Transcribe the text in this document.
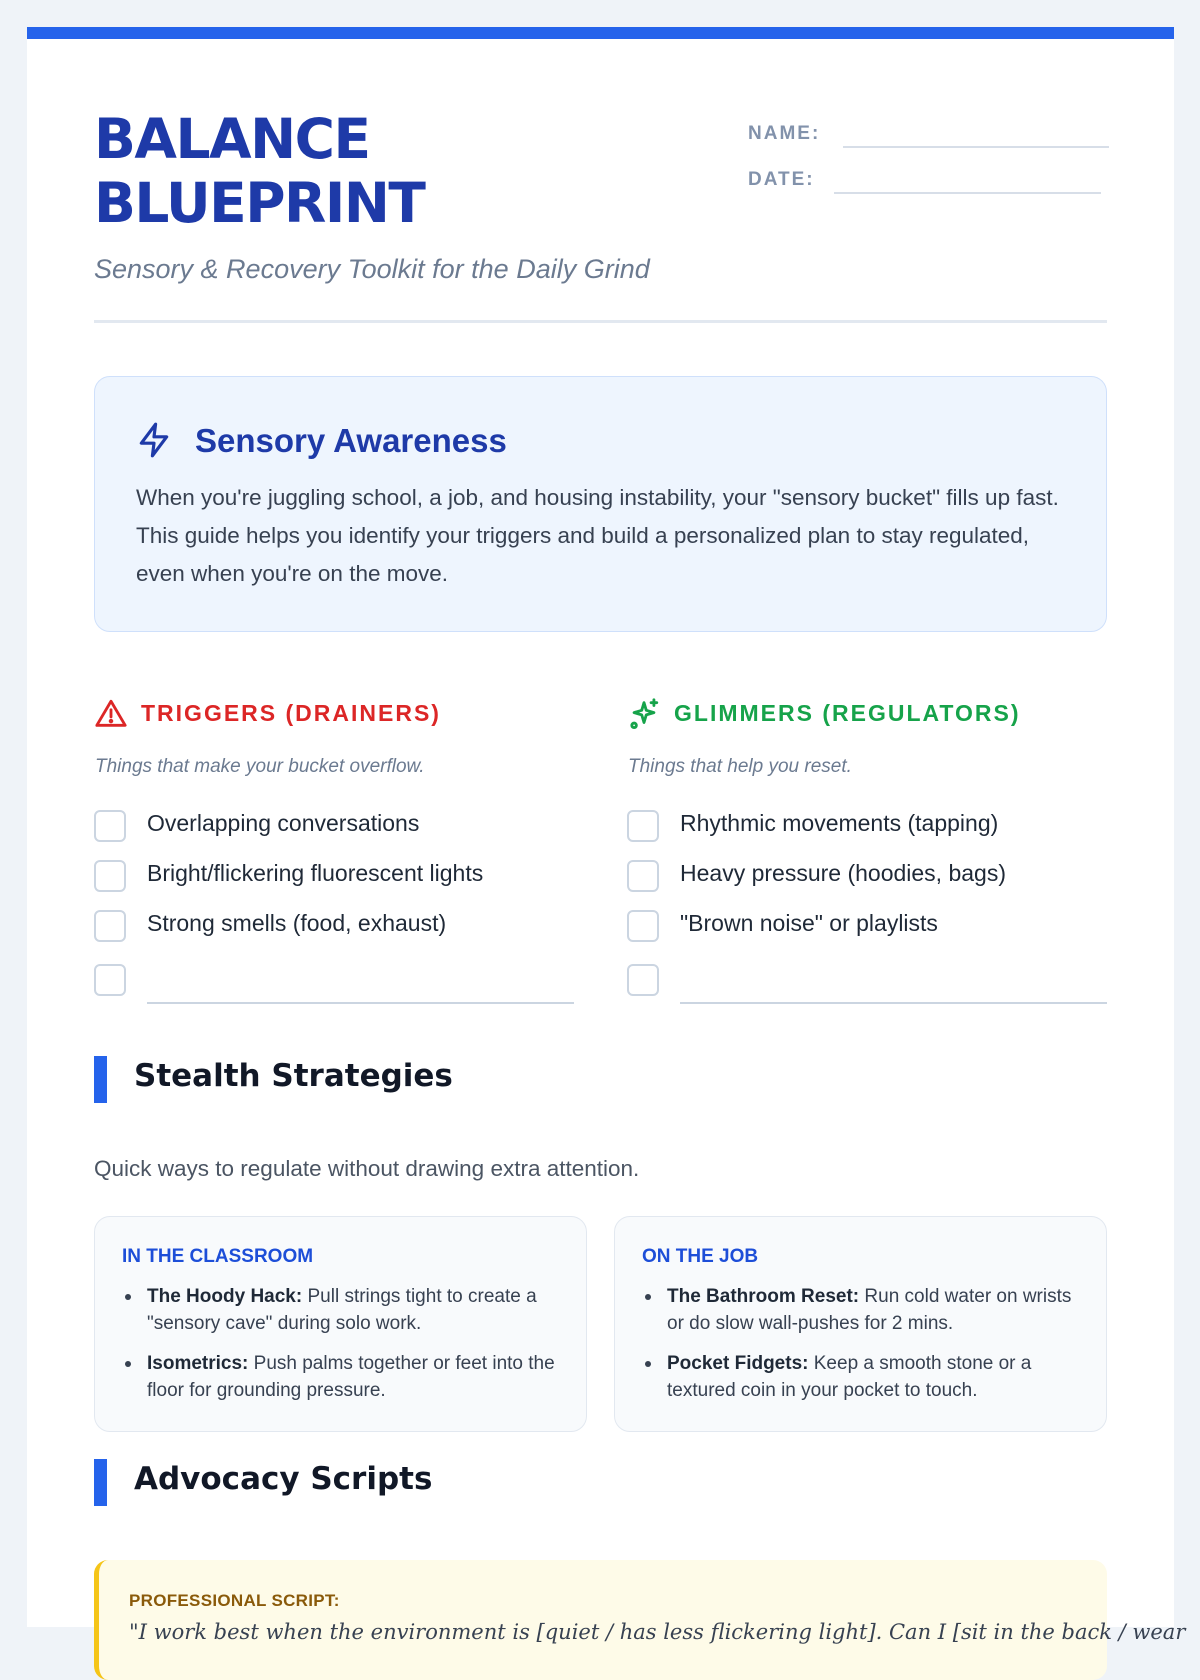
BALANCE
BLUEPRINT
Sensory & Recovery Toolkit for the Daily Grind
NAME:
DATE:
Sensory Awareness

When you're juggling school, a job, and housing instability, your "sensory bucket" fills up fast. This guide helps you identify your triggers and build a personalized plan to stay regulated, even when you're on the move.

TRIGGERS (DRAINERS)
Things that make your bucket overflow.
Overlapping conversations
Bright/flickering fluorescent lights
Strong smells (food, exhaust)
GLIMMERS (REGULATORS)
Things that help you reset.
Rhythmic movements (tapping)
Heavy pressure (hoodies, bags)
"Brown noise" or playlists
Stealth Strategies

Quick ways to regulate without drawing extra attention.

IN THE CLASSROOM
The Hoody Hack: Pull strings tight to create a "sensory cave" during solo work.
Isometrics: Push palms together or feet into the floor for grounding pressure.
ON THE JOB
The Bathroom Reset: Run cold water on wrists or do slow wall-pushes for 2 mins.
Pocket Fidgets: Keep a smooth stone or a textured coin in your pocket to touch.
Advocacy Scripts
PROFESSIONAL SCRIPT:
"I work best when the environment is [quiet / has less flickering light]. Can I [sit in the back / wear
